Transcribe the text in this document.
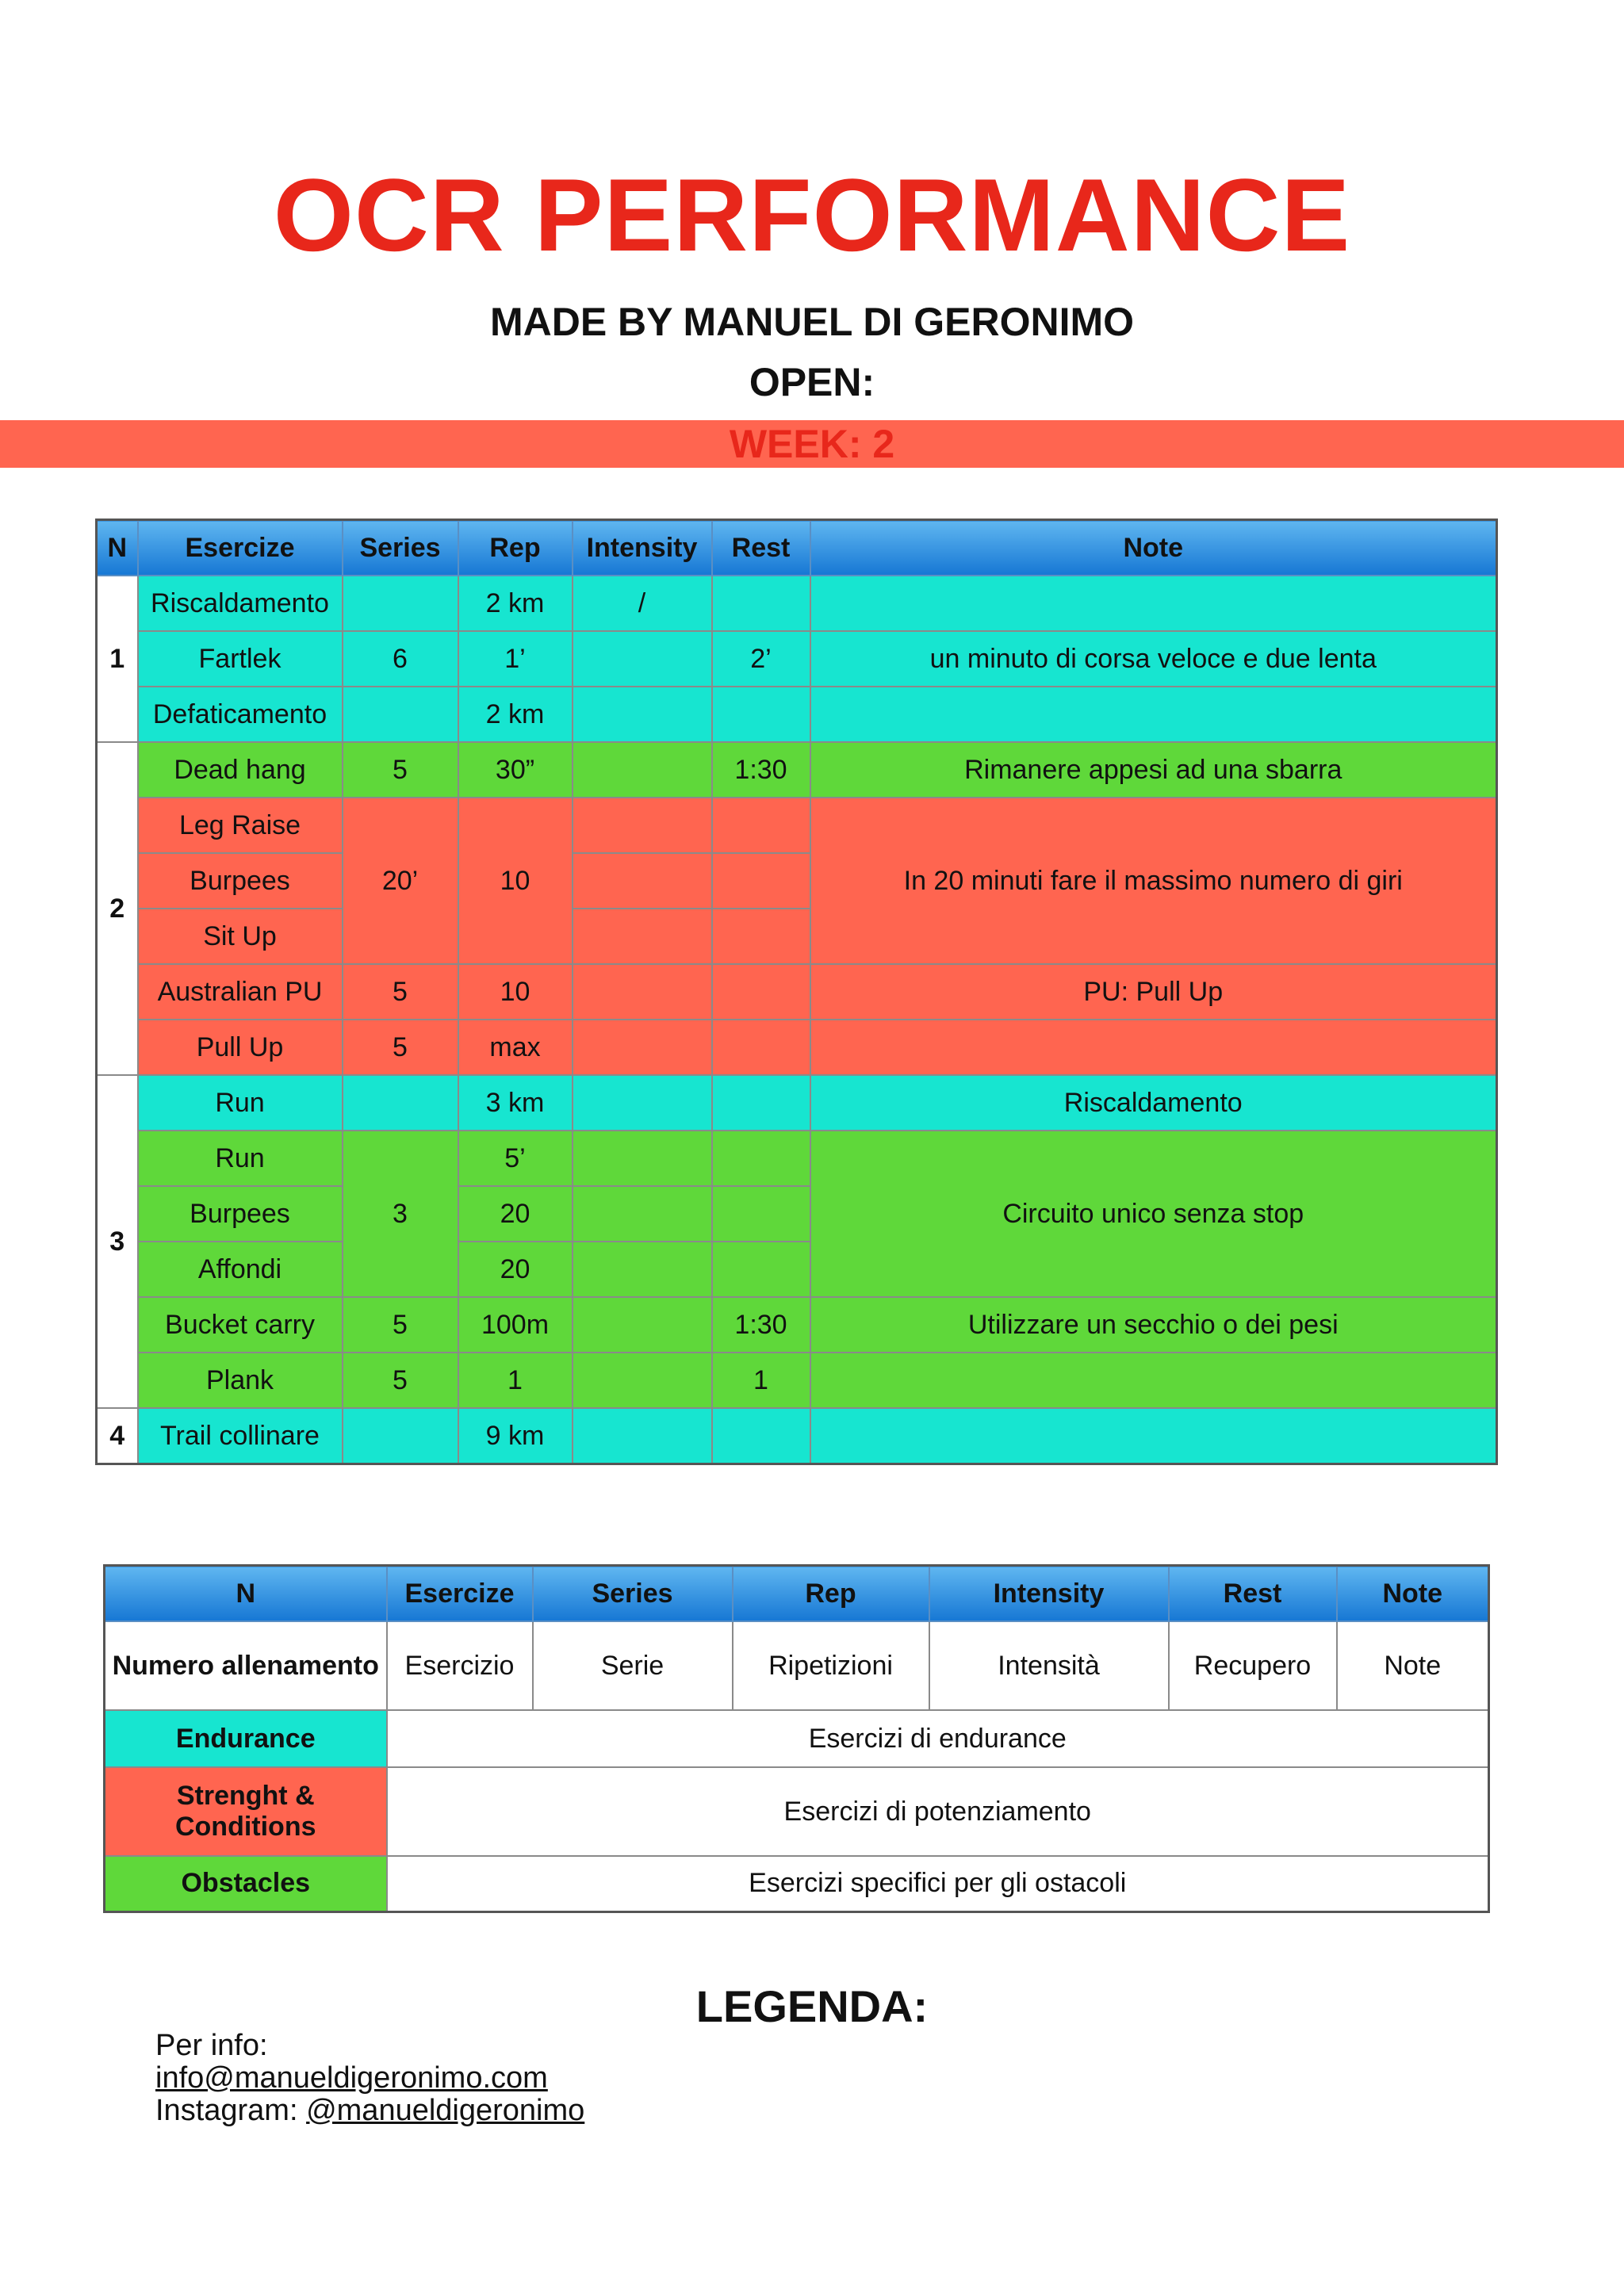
OCR PERFORMANCE
MADE BY MANUEL DI GERONIMO
OPEN:
WEEK: 2
N	Esercize	Series	Rep	Intensity	Rest	Note
1	Riscaldamento		2 km	/		
	Fartlek	6	1’		2’	un minuto di corsa veloce e due lenta
	Defaticamento		2 km			
2	Dead hang	5	30”		1:30	Rimanere appesi ad una sbarra
	Leg Raise	20’	10			In 20 minuti fare il massimo numero di giri
	Burpees					
	Sit Up					
	Australian PU	5	10			PU: Pull Up
	Pull Up	5	max			
3	Run		3 km			Riscaldamento
	Run	3	5’			Circuito unico senza stop
	Burpees		20			
	Affondi		20			
	Bucket carry	5	100m		1:30	Utilizzare un secchio o dei pesi
	Plank	5	1		1	
4	Trail collinare		9 km			
N	Esercize	Series	Rep	Intensity	Rest	Note
Numero allenamento	Esercizio	Serie	Ripetizioni	Intensità	Recupero	Note
Endurance	Esercizi di endurance					
Strenght & Conditions	Esercizi di potenziamento					
Obstacles	Esercizi specifici per gli ostacoli					
LEGENDA:
Per info:
info@manueldigeronimo.com
Instagram: @manueldigeronimo
